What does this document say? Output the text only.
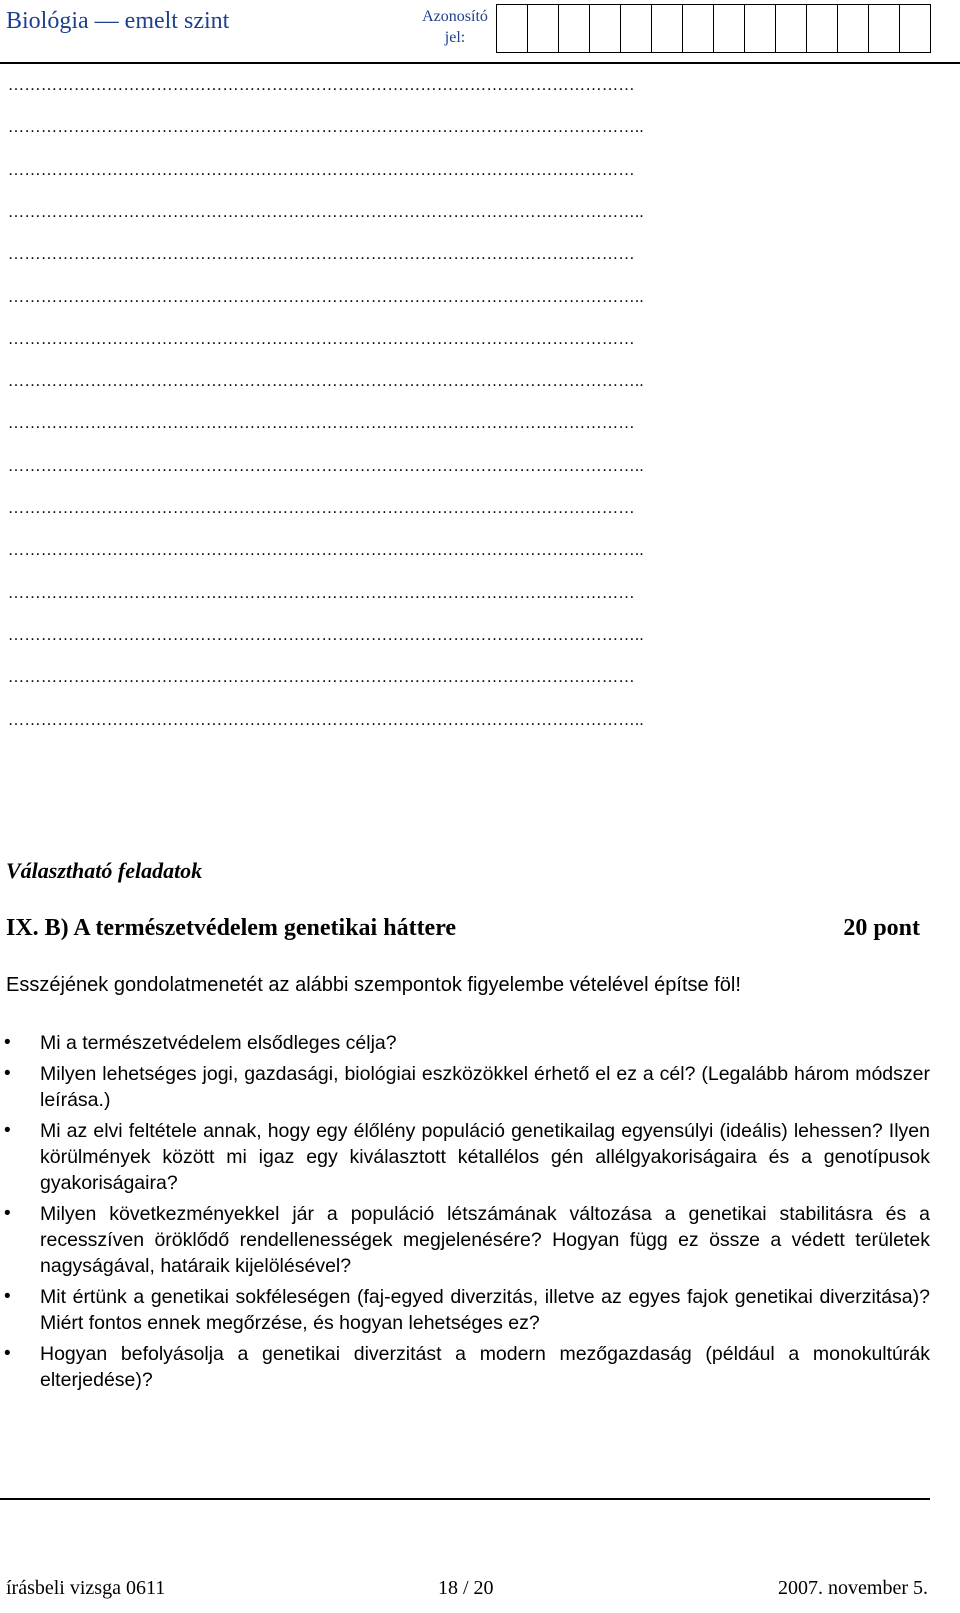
Biológia — emelt szint	Azonosító jel:
……………………………………………………………………………………………………
……………………………………………………………………………………………………..
……………………………………………………………………………………………………
……………………………………………………………………………………………………..
……………………………………………………………………………………………………
……………………………………………………………………………………………………..
……………………………………………………………………………………………………
……………………………………………………………………………………………………..
……………………………………………………………………………………………………
……………………………………………………………………………………………………..
……………………………………………………………………………………………………
……………………………………………………………………………………………………..
……………………………………………………………………………………………………
……………………………………………………………………………………………………..
……………………………………………………………………………………………………
……………………………………………………………………………………………………..
Választható feladatok
IX. B) A természetvédelem genetikai háttere	20 pont
Esszéjének gondolatmenetét az alábbi szempontok figyelembe vételével építse föl!
• Mi a természetvédelem elsődleges célja?
• Milyen lehetséges jogi, gazdasági, biológiai eszközökkel érhető el ez a cél? (Legalább három módszer leírása.)
• Mi az elvi feltétele annak, hogy egy élőlény populáció genetikailag egyensúlyi (ideális) lehessen? Ilyen körülmények között mi igaz egy kiválasztott kétallélos gén allélgyakoriságaira és a genotípusok gyakoriságaira?
• Milyen következményekkel jár a populáció létszámának változása a genetikai stabilitásra és a recesszíven öröklődő rendellenességek megjelenésére? Hogyan függ ez össze a védett területek nagyságával, határaik kijelölésével?
• Mit értünk a genetikai sokféleségen (faj-egyed diverzitás, illetve az egyes fajok genetikai diverzitása)? Miért fontos ennek megőrzése, és hogyan lehetséges ez?
• Hogyan befolyásolja a genetikai diverzitást a modern mezőgazdaság (például a monokultúrák elterjedése)?
írásbeli vizsga 0611	18 / 20	2007. november 5.
